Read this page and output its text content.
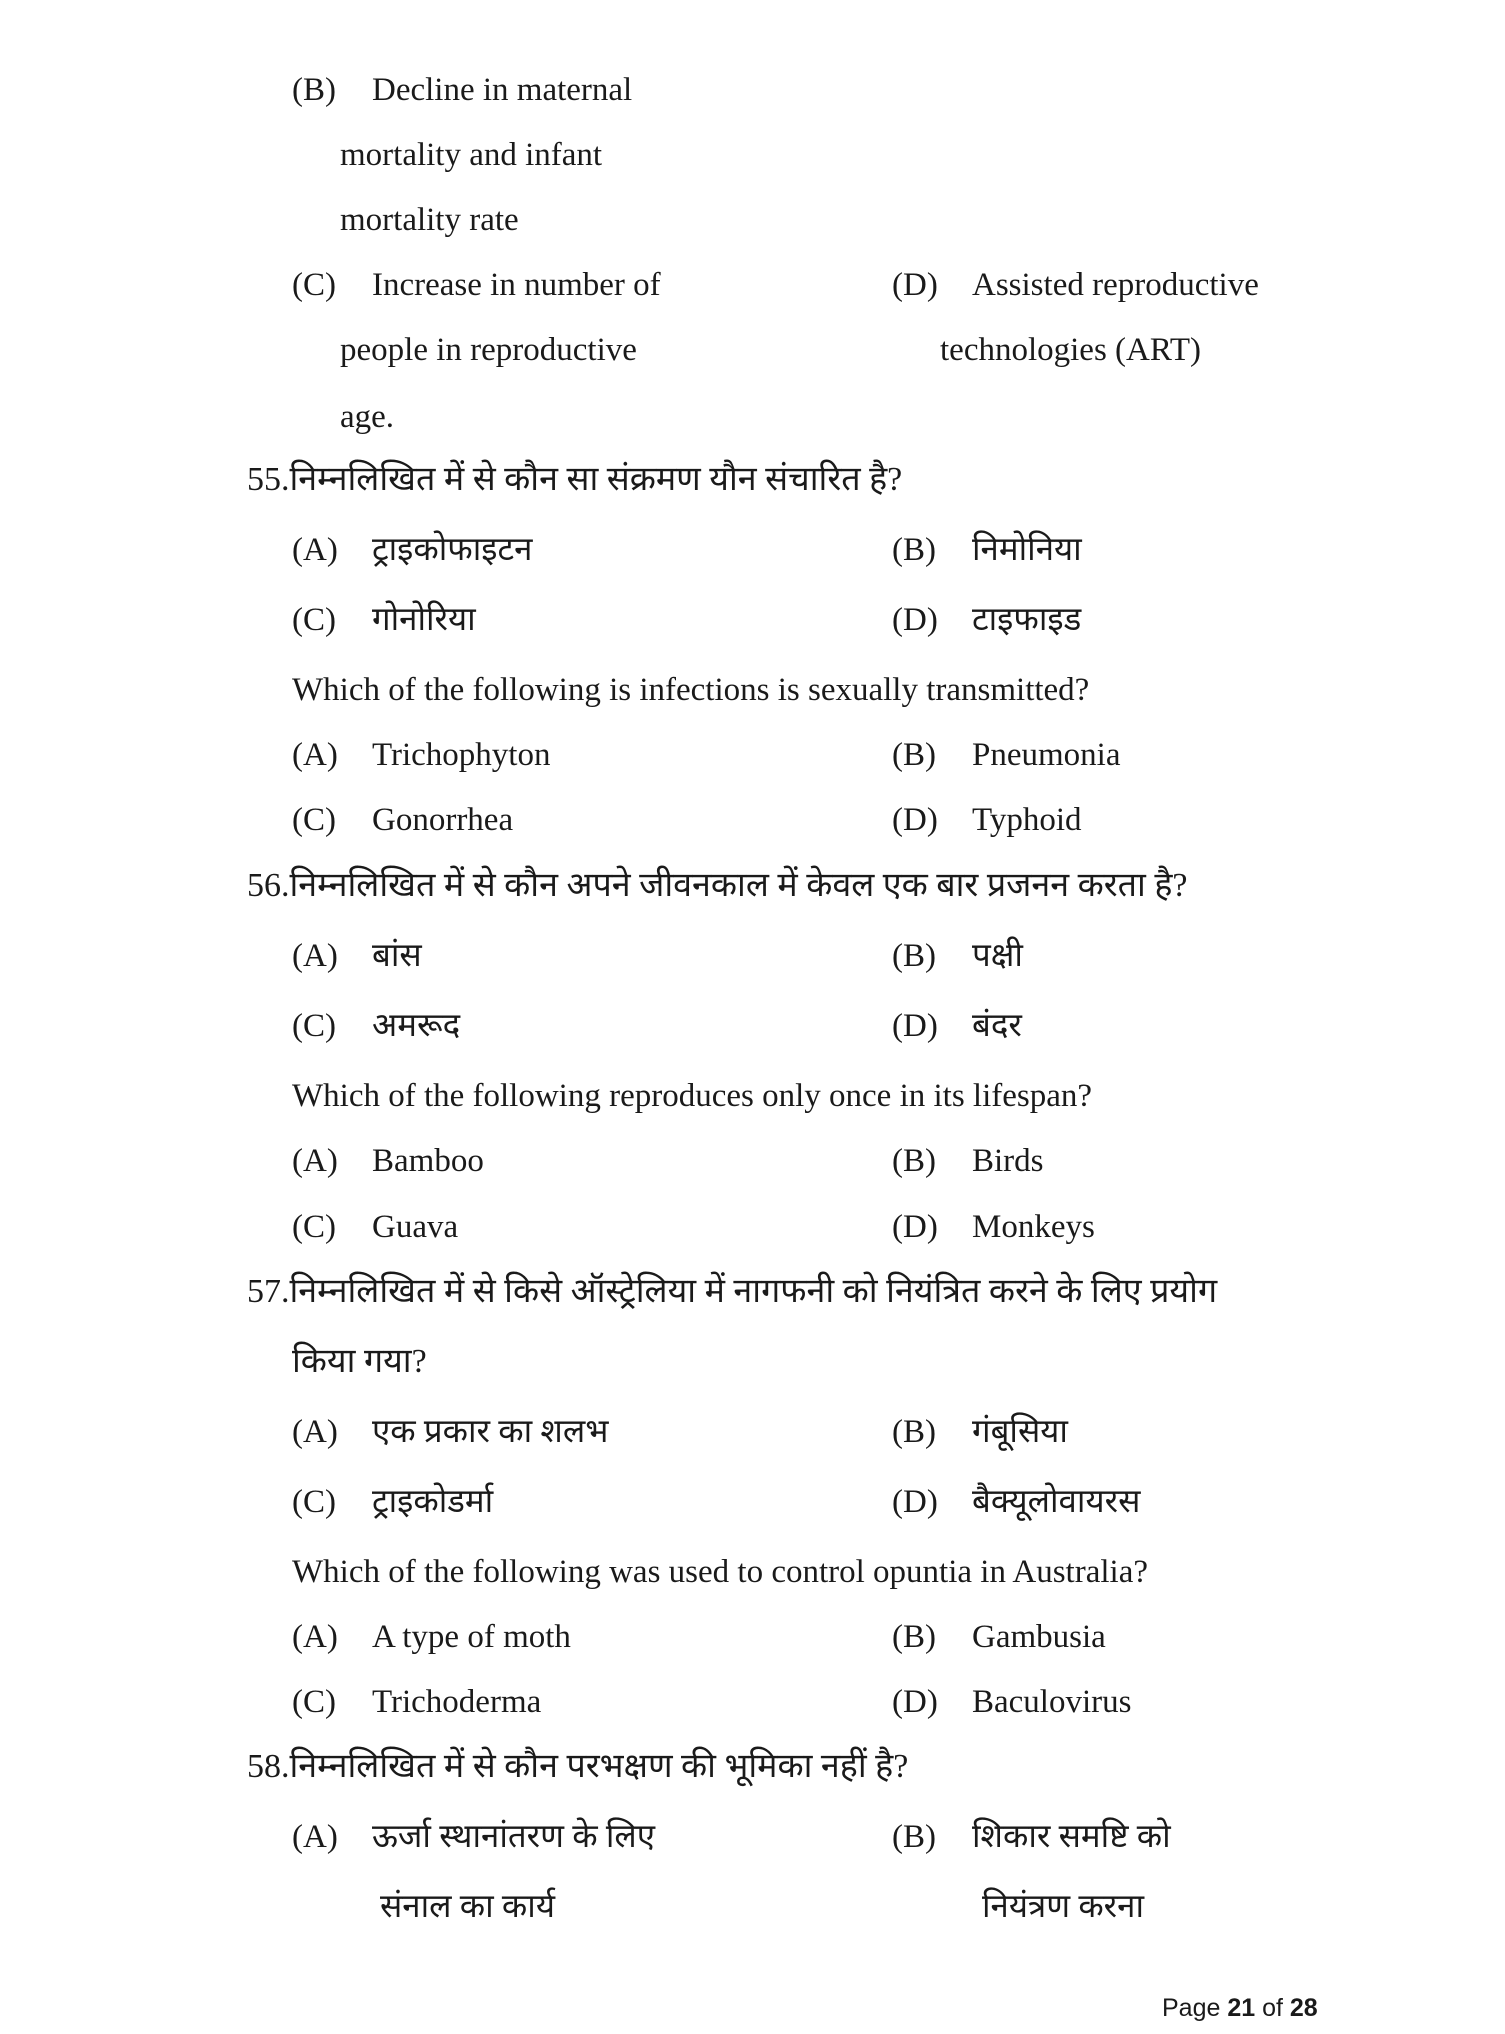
(B) Decline in maternal
mortality and infant
mortality rate
(C) Increase in number of
people in reproductive
age.
(D) Assisted reproductive
technologies (ART)
55.निम्नलिखित में से कौन सा संक्रमण यौन संचारित है?
(A) ट्राइकोफाइटन	(B) निमोनिया
(C) गोनोरिया	(D) टाइफाइड
Which of the following is infections is sexually transmitted?
(A) Trichophyton	(B) Pneumonia
(C) Gonorrhea	(D) Typhoid
56.निम्नलिखित में से कौन अपने जीवनकाल में केवल एक बार प्रजनन करता है?
(A) बांस	(B) पक्षी
(C) अमरूद	(D) बंदर
Which of the following reproduces only once in its lifespan?
(A) Bamboo	(B) Birds
(C) Guava	(D) Monkeys
57.निम्नलिखित में से किसे ऑस्ट्रेलिया में नागफनी को नियंत्रित करने के लिए प्रयोग
किया गया?
(A) एक प्रकार का शलभ	(B) गंबूसिया
(C) ट्राइकोडर्मा	(D) बैक्यूलोवायरस
Which of the following was used to control opuntia in Australia?
(A) A type of moth	(B) Gambusia
(C) Trichoderma	(D) Baculovirus
58.निम्नलिखित में से कौन परभक्षण की भूमिका नहीं है?
(A) ऊर्जा स्थानांतरण के लिए
संनाल का कार्य
(B) शिकार समष्टि को
नियंत्रण करना
Page 21 of 28
